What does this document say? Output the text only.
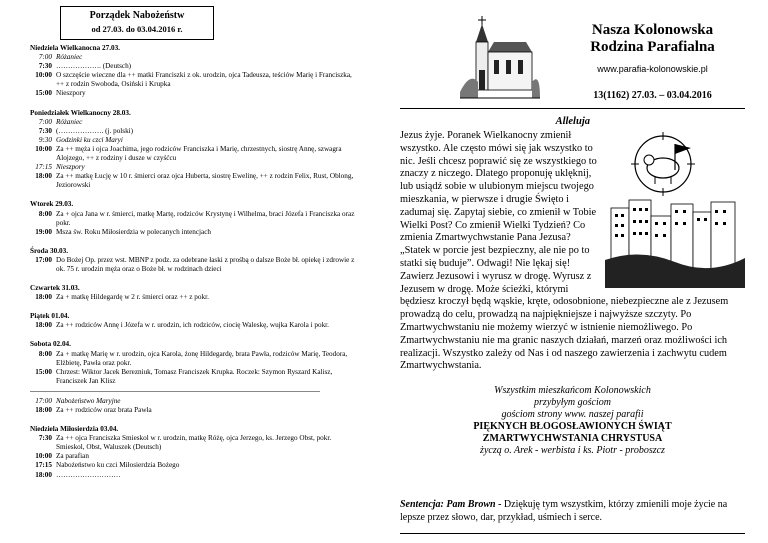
Porządek Nabożeństw
od 27.03. do 03.04.2016 r.
Niedziela Wielkanocna 27.03.
7:00 Różaniec
7:30 ………………. (Deutsch)
10:00 O szczęście wieczne dla ++ matki Franciszki z ok. urodzin, ojca Tadeusza, teściów Marię i Franciszka, ++ z rodzin Swoboda, Osiński i Krupka
15:00 Nieszpory
Poniedziałek Wielkanocny 28.03.
7:00 Różaniec
7:30 (………………. (j. polski)
9:30 Godzinki ku czci Maryi
10:00 Za ++ męża i ojca Joachima, jego rodziców Franciszka i Marię, chrzestnych, siostrę Annę, szwagra Alojzego, ++ z rodziny i dusze w czyśćcu
17:15 Nieszpory
18:00 Za ++ matkę Łucję w 10 r. śmierci oraz ojca Huberta, siostrę Ewelinę, ++ z rodzin Felix, Rust, Oblong, Jeziorowski
Wtorek 29.03.
8:00 Za + ojca Jana w r. śmierci, matkę Martę, rodziców Krystynę i Wilhelma, braci Józefa i Franciszka oraz pokr.
19:00 Msza św. Roku Miłosierdzia w polecanych intencjach
Środa 30.03.
17:00 Do Bożej Op. przez wst. MBNP z podz. za odebrane łaski z prośbą o dalsze Boże bł. opiekę i zdrowie z ok. 75 r. urodzin męża oraz o Boże bł. w rodzinach dzieci
Czwartek 31.03.
18:00 Za + matkę Hildegardę w 2 r. śmierci oraz ++ z pokr.
Piątek 01.04.
18:00 Za ++ rodziców Annę i Józefa w r. urodzin, ich rodziców, ciocię Waleskę, wujka Karola i pokr.
Sobota 02.04.
8:00 Za + matkę Marię w r. urodzin, ojca Karola, żonę Hildegardę, brata Pawła, rodziców Marię, Teodora, Elżbietę, Pawła oraz pokr.
15:00 Chrzest: Wiktor Jacek Berezniuk, Tomasz Franciszek Krupka. Roczek: Szymon Ryszard Kalisz, Franciszek Jan Klisz
17:00 Nabożeństwo Maryjne
18:00 Za ++ rodziców oraz brata Pawła
Niedziela Miłosierdzia 03.04.
7:30 Za ++ ojca Franciszka Smieskol w r. urodzin, matkę Różę, ojca Jerzego, ks. Jerzego Obst, pokr. Smieskol, Obst, Waluszek (Deutsch)
10:00 Za parafian
17:15 Nabożeństwo ku czci Miłosierdzia Bożego
18:00 ………………………
Nasza Kolonowska
Rodzina Parafialna
www.parafia-kolonowskie.pl
13(1162) 27.03. – 03.04.2016
Alleluja
Jezus żyje. Poranek Wielkanocny zmienił wszystko. Ale często mówi się jak wszystko to nic. Jeśli chcesz poprawić się ze wszystkiego to znaczy z niczego. Dlatego proponuję uklęknij, lub usiądź sobie w ulubionym miejscu twojego mieszkania, w pierwsze i drugie Święto i zadumaj się. Zapytaj siebie, co zmienił w Tobie Wielki Post? Co zmienił Wielki Tydzień? Co zmienia Zmartwychwstanie Pana Jezusa? „Statek w porcie jest bezpieczny, ale nie po to statki się buduje”. Odwagi! Nie lękaj się! Zawierz Jezusowi i wyrusz w drogę. Wyrusz z Jezusem w drogę. Może ścieżki, którymi będziesz kroczył będą wąskie, kręte, odosobnione, niebezpieczne ale z Jezusem prowadzą do celu, prowadzą na najpiękniejsze i najwyższe szczyty. Po Zmartwychwstaniu nie możemy wierzyć w istnienie niemożliwego. Po Zmartwychwstaniu nie ma granic naszych działań, marzeń oraz możliwości ich realizacji. Wszystko zależy od Nas i od naszego zawierzenia i zachwytu cudem Zmartwychwstania.
Wszystkim mieszkańcom Kolonowskich
przybyłym gościom
gościom strony www. naszej parafii
PIĘKNYCH BŁOGOSŁAWIONYCH ŚWIĄT
ZMARTWYCHWSTANIA CHRYSTUSA
życzą o. Arek - werbista i ks. Piotr - proboszcz
Sentencja: Pam Brown - Dziękuję tym wszystkim, którzy zmienili moje życie na lepsze przez słowo, dar, przykład, uśmiech i serce.
